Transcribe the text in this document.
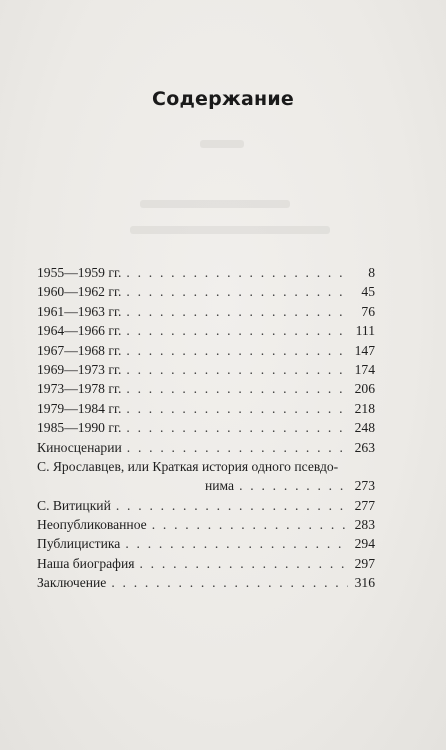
Содержание
1955—1959 гг. . . .	8
1960—1962 гг. . . .	45
1961—1963 гг. . . .	76
1964—1966 гг. . . .	111
1967—1968 гг. . . .	147
1969—1973 гг. . . .	174
1973—1978 гг. . . .	206
1979—1984 гг. . . .	218
1985—1990 гг. . . .	248
Киносценарии . . .	263
С. Ярославцев, или Краткая история одного псевдо-
нима . . .	273
С. Витицкий . . .	277
Неопубликованное . . .	283
Публицистика . . .	294
Наша биография . . .	297
Заключение . . .	316
